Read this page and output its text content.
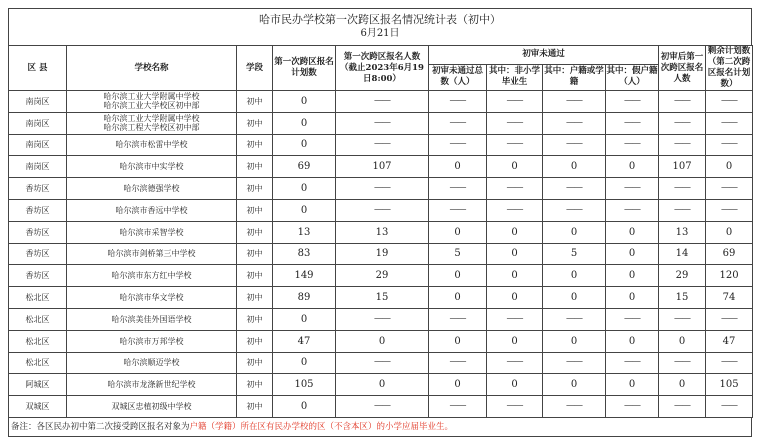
哈市民办学校第一次跨区报名情况统计表（初中）
6月21日
区 县	学校名称	学段	第一次跨区报名计划数	第一次跨区报名人数（截止2023年6月19日8:00）	初审未通过				初审后第一次跨区报名人数	剩余计划数（第二次跨区报名计划数）
					初审未通过总数（人）	其中：非小学毕业生	其中：户籍或学籍	其中：假户籍（人）		
南岗区	哈尔滨工业大学附属中学校
哈尔滨工业大学校区初中部	初中	0	——	——	——	——	——	——	——
南岗区	哈尔滨工业大学附属中学校
哈尔滨工程大学校区初中部	初中	0	——	——	——	——	——	——	——
南岗区	哈尔滨市松雷中学校	初中	0	——	——	——	——	——	——	——
南岗区	哈尔滨市中实学校	初中	69	107	0	0	0	0	107	0
香坊区	哈尔滨德强学校	初中	0	——	——	——	——	——	——	——
香坊区	哈尔滨市香远中学校	初中	0	——	——	——	——	——	——	——
香坊区	哈尔滨市采智学校	初中	13	13	0	0	0	0	13	0
香坊区	哈尔滨市剑桥第三中学校	初中	83	19	5	0	5	0	14	69
香坊区	哈尔滨市东方红中学校	初中	149	29	0	0	0	0	29	120
松北区	哈尔滨市华文学校	初中	89	15	0	0	0	0	15	74
松北区	哈尔滨美佳外国语学校	初中	0	——	——	——	——	——	——	——
松北区	哈尔滨市万邦学校	初中	47	0	0	0	0	0	0	47
松北区	哈尔滨顺迈学校	初中	0	——	——	——	——	——	——	——
阿城区	哈尔滨市龙涤新世纪学校	初中	105	0	0	0	0	0	0	105
双城区	双城区忠植初级中学校	初中	0	——	——	——	——	——	——	——
备注：各区民办初中第二次接受跨区报名对象为户籍（学籍）所在区有民办学校的区（不含本区）的小学应届毕业生。
